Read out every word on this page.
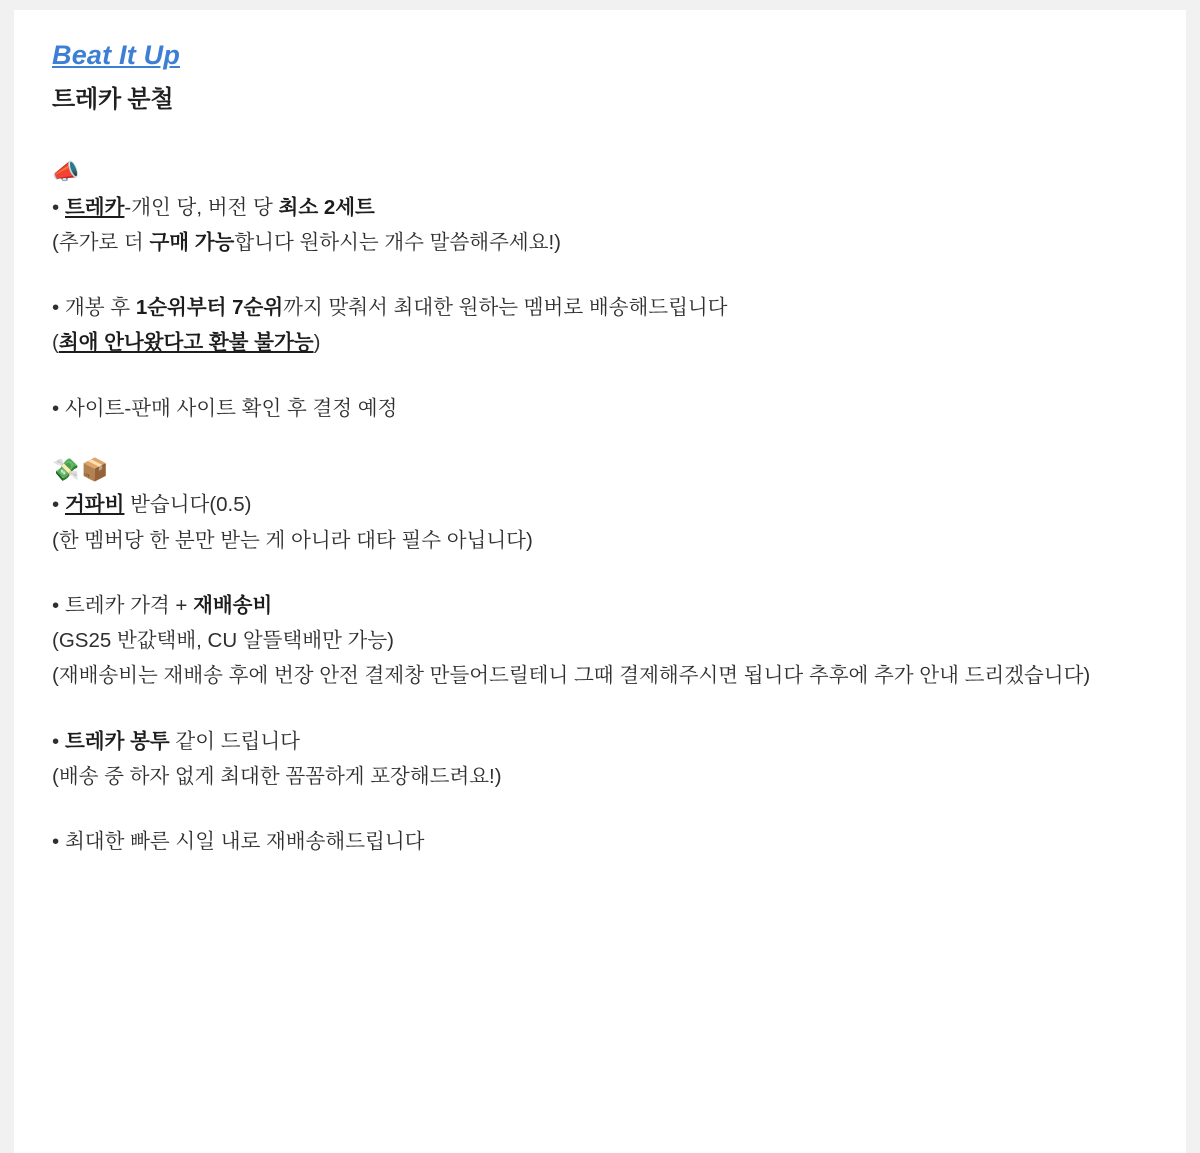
Beat It Up
트레카 분철
📣
• 트레카-개인 당, 버전 당 최소 2세트
(추가로 더 구매 가능합니다 원하시는 개수 말씀해주세요!)
• 개봉 후 1순위부터 7순위까지 맞춰서 최대한 원하는 멤버로 배송해드립니다
(최애 안나왔다고 환불 불가능)
• 사이트-판매 사이트 확인 후 결정 예정
💸📦
• 거파비 받습니다(0.5)
(한 멤버당 한 분만 받는 게 아니라 대타 필수 아닙니다)
• 트레카 가격 + 재배송비
(GS25 반값택배, CU 알뜰택배만 가능)
(재배송비는 재배송 후에 번장 안전 결제창 만들어드릴테니 그때 결제해주시면 됩니다 추후에 추가 안내 드리겠습니다)
• 트레카 봉투 같이 드립니다
(배송 중 하자 없게 최대한 꼼꼼하게 포장해드려요!)
• 최대한 빠른 시일 내로 재배송해드립니다
